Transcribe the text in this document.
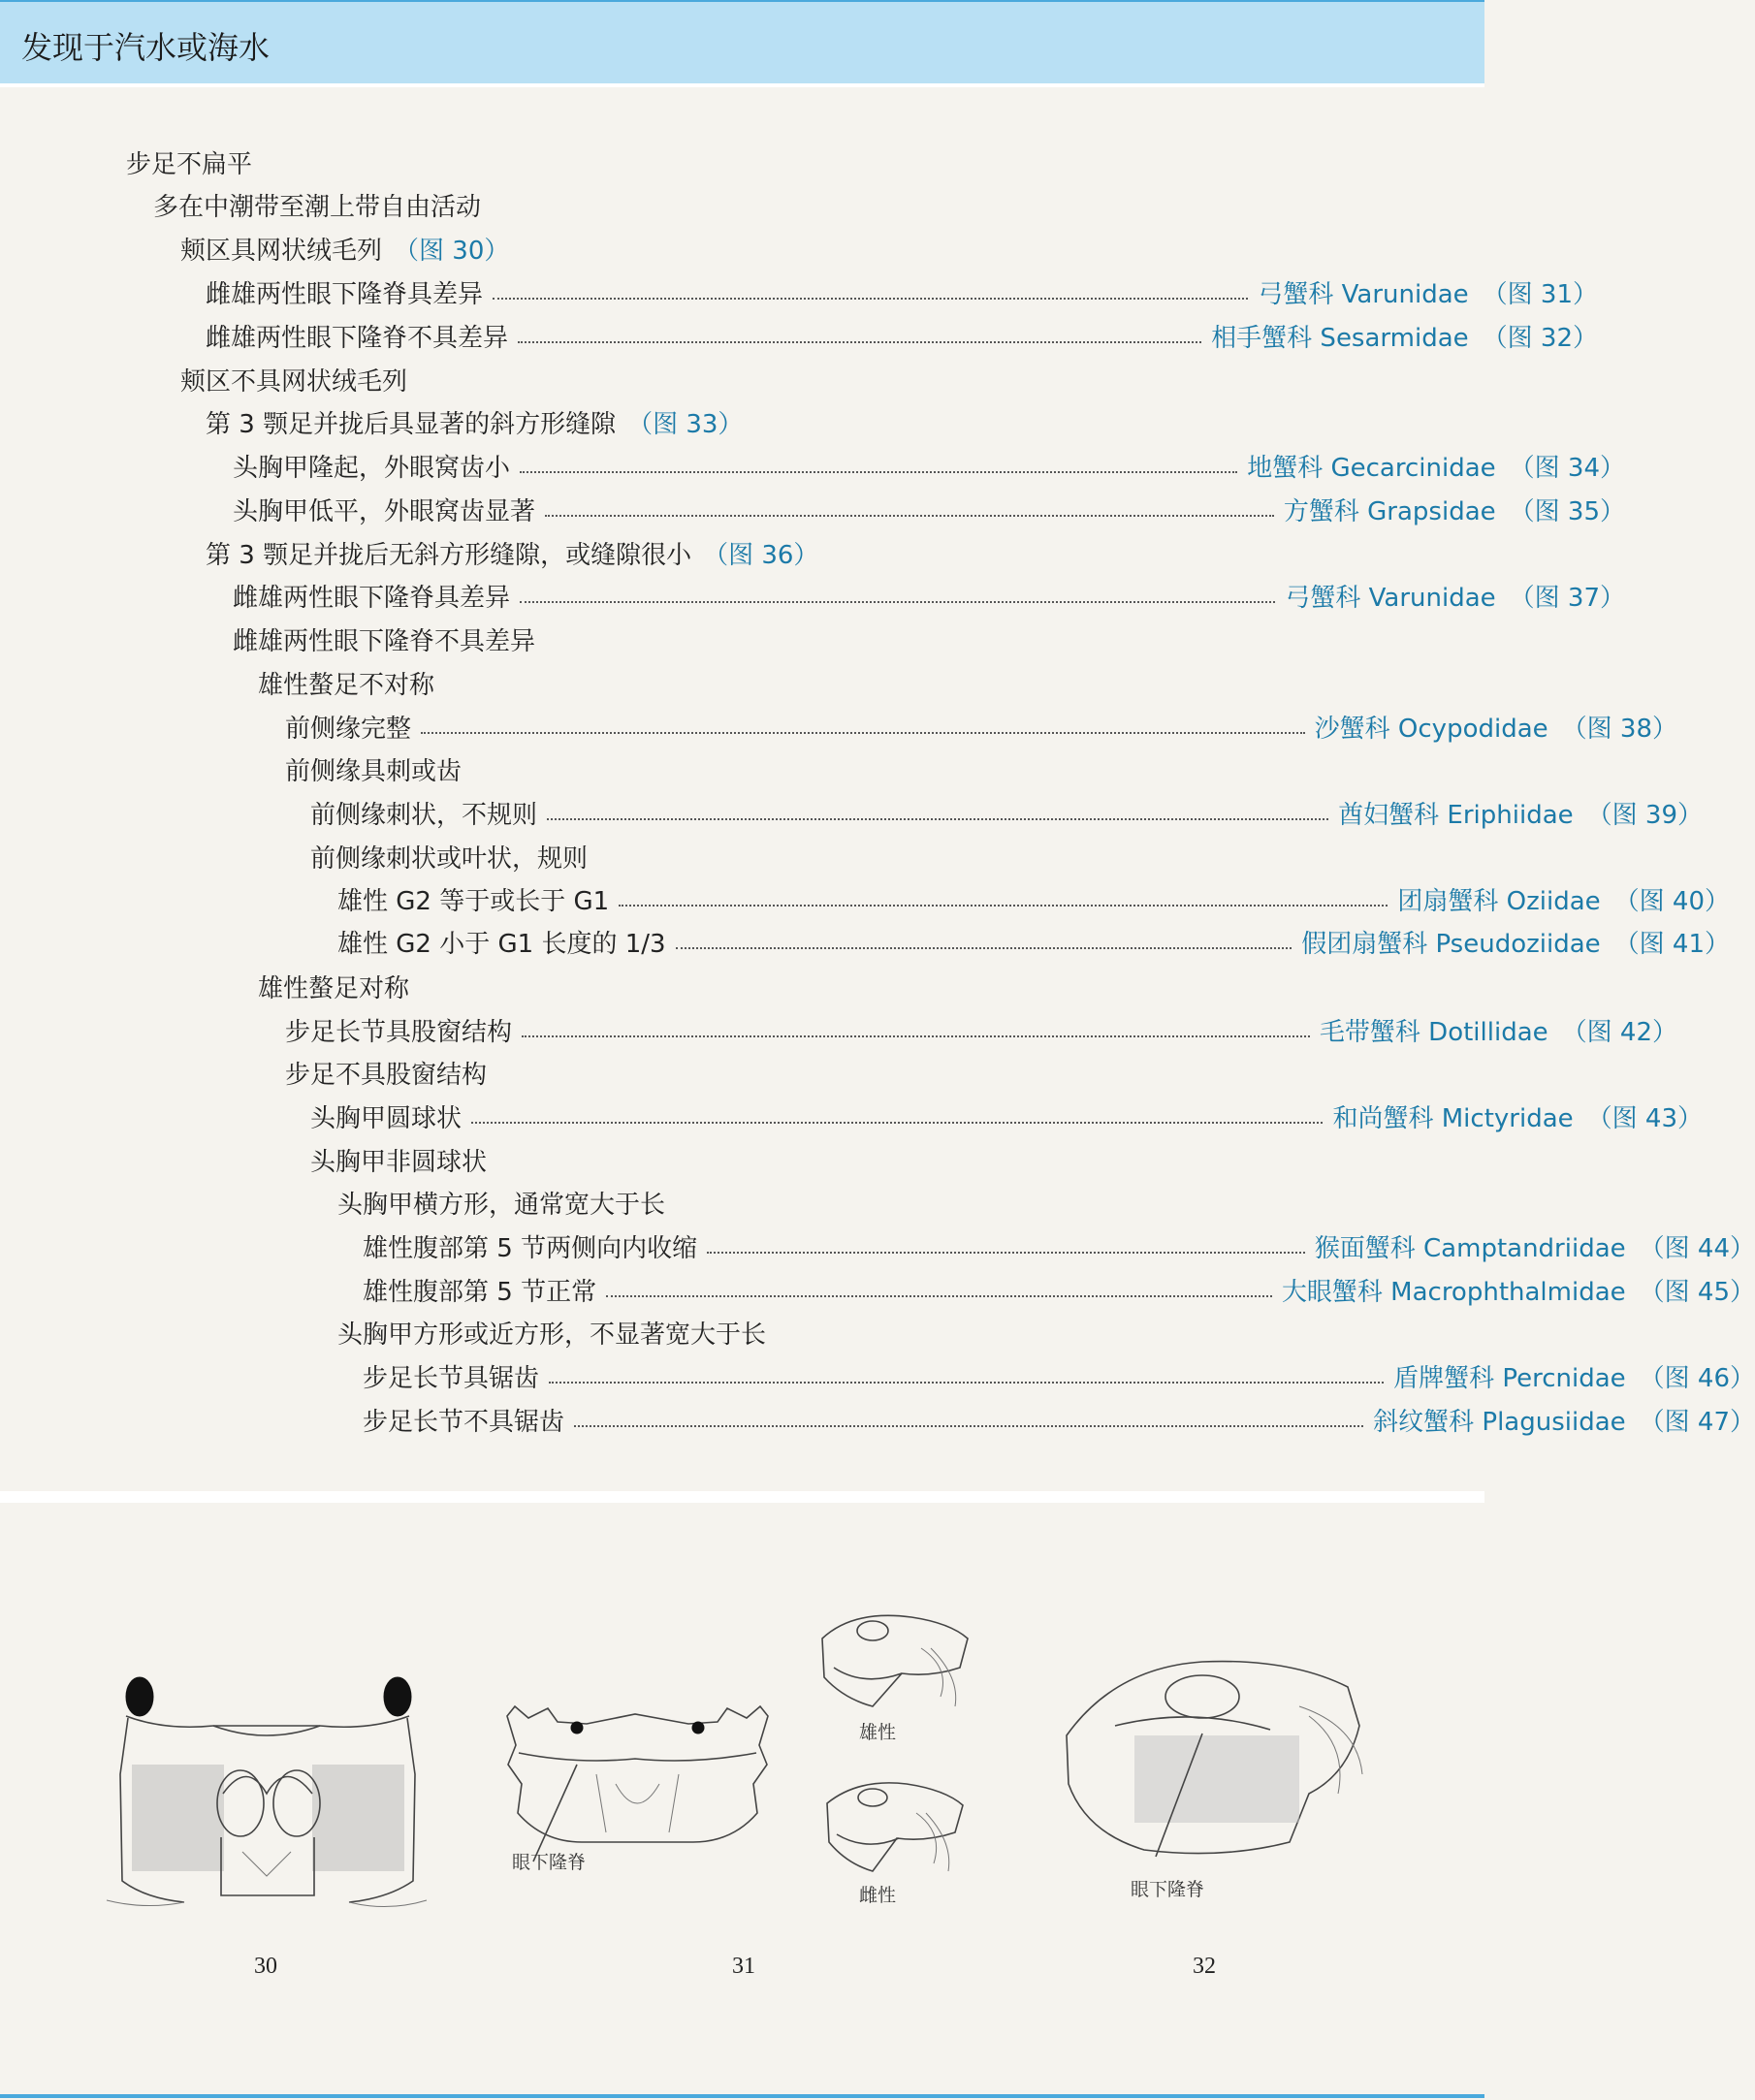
发现于汽水或海水
步足不扁平
多在中潮带至潮上带自由活动
颊区具网状绒毛列 （图 30）
雌雄两性眼下隆脊具差异	弓蟹科 Varunidae （图 31）
雌雄两性眼下隆脊不具差异	相手蟹科 Sesarmidae （图 32）
颊区不具网状绒毛列
第 3 颚足并拢后具显著的斜方形缝隙 （图 33）
头胸甲隆起，外眼窝齿小	地蟹科 Gecarcinidae （图 34）
头胸甲低平，外眼窝齿显著	方蟹科 Grapsidae （图 35）
第 3 颚足并拢后无斜方形缝隙，或缝隙很小 （图 36）
雌雄两性眼下隆脊具差异	弓蟹科 Varunidae （图 37）
雌雄两性眼下隆脊不具差异
雄性螯足不对称
前侧缘完整	沙蟹科 Ocypodidae （图 38）
前侧缘具刺或齿
前侧缘刺状，不规则	酋妇蟹科 Eriphiidae （图 39）
前侧缘刺状或叶状，规则
雄性 G2 等于或长于 G1	团扇蟹科 Oziidae （图 40）
雄性 G2 小于 G1 长度的 1/3	假团扇蟹科 Pseudoziidae （图 41）
雄性螯足对称
步足长节具股窗结构	毛带蟹科 Dotillidae （图 42）
步足不具股窗结构
头胸甲圆球状	和尚蟹科 Mictyridae （图 43）
头胸甲非圆球状
头胸甲横方形，通常宽大于长
雄性腹部第 5 节两侧向内收缩	猴面蟹科 Camptandriidae （图 44）
雄性腹部第 5 节正常	大眼蟹科 Macrophthalmidae （图 45）
头胸甲方形或近方形，不显著宽大于长
步足长节具锯齿	盾牌蟹科 Percnidae （图 46）
步足长节不具锯齿	斜纹蟹科 Plagusiidae （图 47）
30
眼下隆脊
雄性
雌性
31
眼下隆脊
32
